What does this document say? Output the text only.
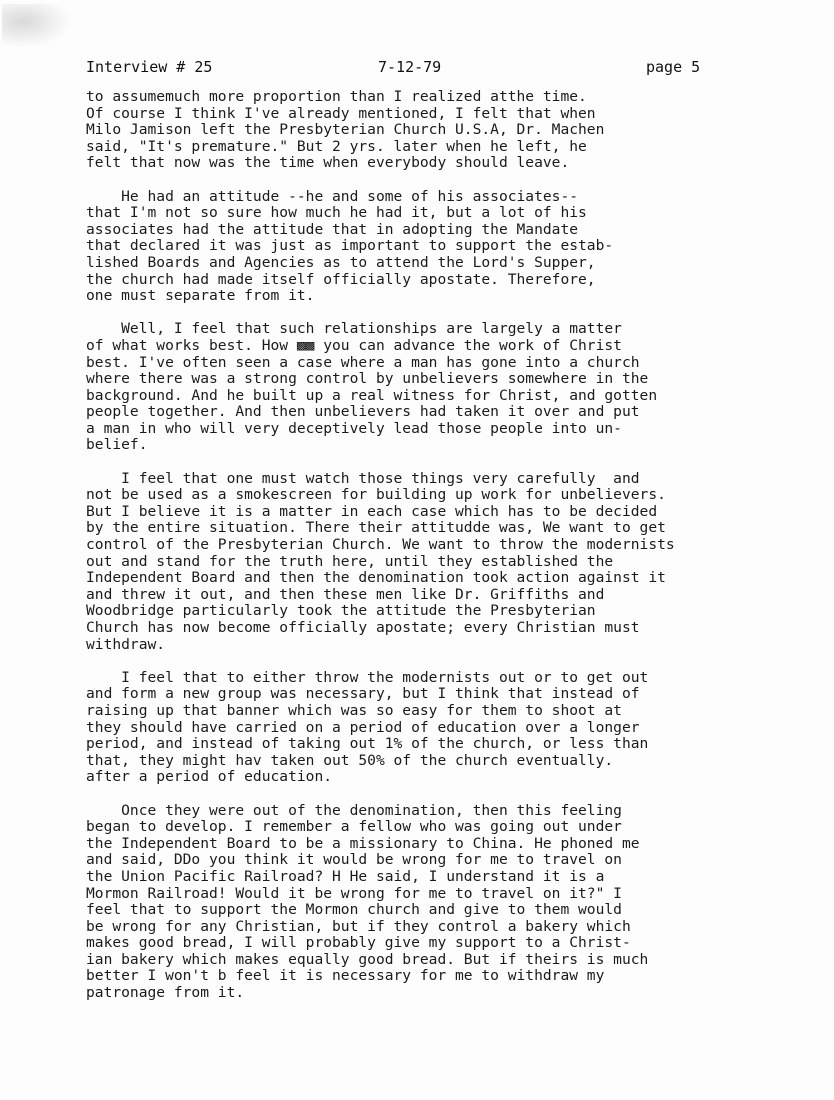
Interview # 25	7-12-79	page 5

to assumemuch more proportion than I realized atthe time.
Of course I think I've already mentioned, I felt that when
Milo Jamison left the Presbyterian Church U.S.A, Dr. Machen
said, "It's premature." But 2 yrs. later when he left, he
felt that now was the time when everybody should leave.

He had an attitude --he and some of his associates--
that I'm not so sure how much he had it, but a lot of his
associates had the attitude that in adopting the Mandate
that declared it was just as important to support the estab-
lished Boards and Agencies as to attend the Lord's Supper,
the church had made itself officially apostate. Therefore,
one must separate from it.

Well, I feel that such relationships are largely a matter
of what works best. How ▩▩ you can advance the work of Christ
best. I've often seen a case where a man has gone into a church
where there was a strong control by unbelievers somewhere in the
background. And he built up a real witness for Christ, and gotten
people together. And then unbelievers had taken it over and put
a man in who will very deceptively lead those people into un-
belief.

I feel that one must watch those things very carefully  and
not be used as a smokescreen for building up work for unbelievers.
But I believe it is a matter in each case which has to be decided
by the entire situation. There their attitudde was, We want to get
control of the Presbyterian Church. We want to throw the modernists
out and stand for the truth here, until they established the
Independent Board and then the denomination took action against it
and threw it out, and then these men like Dr. Griffiths and
Woodbridge particularly took the attitude the Presbyterian
Church has now become officially apostate; every Christian must
withdraw.

I feel that to either throw the modernists out or to get out
and form a new group was necessary, but I think that instead of
raising up that banner which was so easy for them to shoot at
they should have carried on a period of education over a longer
period, and instead of taking out 1% of the church, or less than
that, they might hav taken out 50% of the church eventually.
after a period of education.

Once they were out of the denomination, then this feeling
began to develop. I remember a fellow who was going out under
the Independent Board to be a missionary to China. He phoned me
and said, DDo you think it would be wrong for me to travel on
the Union Pacific Railroad? H He said, I understand it is a
Mormon Railroad! Would it be wrong for me to travel on it?" I
feel that to support the Mormon church and give to them would
be wrong for any Christian, but if they control a bakery which
makes good bread, I will probably give my support to a Christ-
ian bakery which makes equally good bread. But if theirs is much
better I won't b feel it is necessary for me to withdraw my
patronage from it.
